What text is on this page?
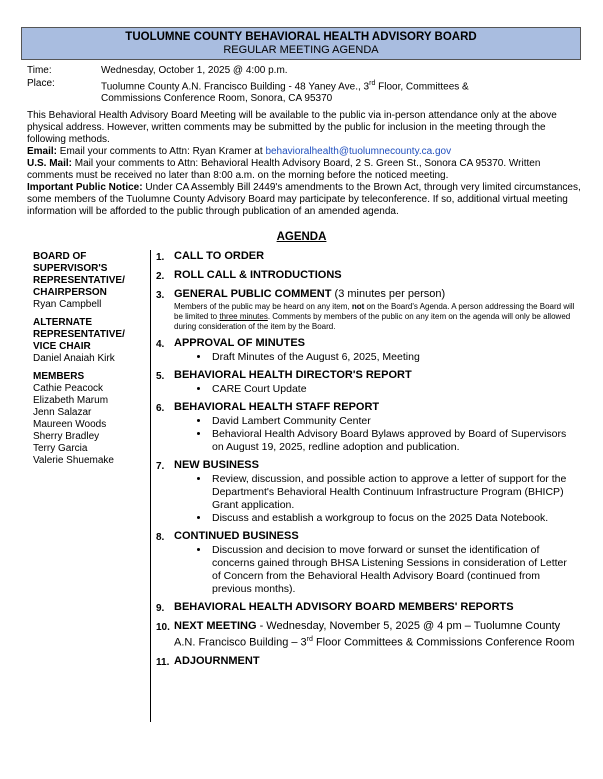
TUOLUMNE COUNTY BEHAVIORAL HEALTH ADVISORY BOARD
REGULAR MEETING AGENDA
Time:	Wednesday, October 1, 2025 @ 4:00 p.m.
Place:	Tuolumne County A.N. Francisco Building - 48 Yaney Ave., 3rd Floor, Committees &
Commissions Conference Room, Sonora, CA 95370

This Behavioral Health Advisory Board Meeting will be available to the public via in-person attendance only at the above physical address. However, written comments may be submitted by the public for inclusion in the meeting through the following methods.

Email: Email your comments to Attn: Ryan Kramer at behavioralhealth@tuolumnecounty.ca.gov

U.S. Mail: Mail your comments to Attn: Behavioral Health Advisory Board, 2 S. Green St., Sonora CA 95370. Written comments must be received no later than 8:00 a.m. on the morning before the noticed meeting.

Important Public Notice: Under CA Assembly Bill 2449's amendments to the Brown Act, through very limited circumstances, some members of the Tuolumne County Advisory Board may participate by teleconference. If so, additional virtual meeting information will be afforded to the public through publication of an amended agenda.

AGENDA
BOARD OF SUPERVISOR'S REPRESENTATIVE/ CHAIRPERSON
Ryan Campbell
ALTERNATE REPRESENTATIVE/ VICE CHAIR
Daniel Anaiah Kirk
MEMBERS
Cathie Peacock
Elizabeth Marum
Jenn Salazar
Maureen Woods
Sherry Bradley
Terry Garcia
Valerie Shuemake
1. CALL TO ORDER
2. ROLL CALL & INTRODUCTIONS
3. GENERAL PUBLIC COMMENT (3 minutes per person)
Members of the public may be heard on any item, not on the Board's Agenda. A person addressing the Board will be limited to three minutes. Comments by members of the public on any item on the agenda will only be allowed during consideration of the item by the Board.
4. APPROVAL OF MINUTES
• Draft Minutes of the August 6, 2025, Meeting
5. BEHAVIORAL HEALTH DIRECTOR'S REPORT
• CARE Court Update
6. BEHAVIORAL HEALTH STAFF REPORT
• David Lambert Community Center
• Behavioral Health Advisory Board Bylaws approved by Board of Supervisors on August 19, 2025, redline adoption and publication.
7. NEW BUSINESS
• Review, discussion, and possible action to approve a letter of support for the Department's Behavioral Health Continuum Infrastructure Program (BHICP) Grant application.
• Discuss and establish a workgroup to focus on the 2025 Data Notebook.
8. CONTINUED BUSINESS
• Discussion and decision to move forward or sunset the identification of concerns gained through BHSA Listening Sessions in consideration of Letter of Concern from the Behavioral Health Advisory Board (continued from previous months).
9. BEHAVIORAL HEALTH ADVISORY BOARD MEMBERS' REPORTS
10. NEXT MEETING - Wednesday, November 5, 2025 @ 4 pm – Tuolumne County A.N. Francisco Building – 3rd Floor Committees & Commissions Conference Room
11. ADJOURNMENT
